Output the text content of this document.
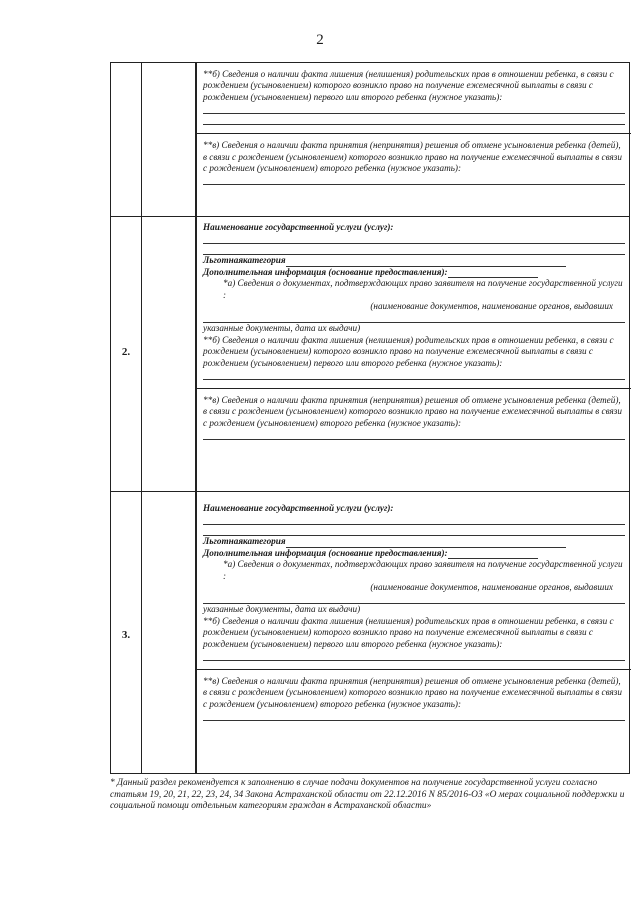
2
**б) Сведения о наличии факта лишения (нелишения) родительских прав в отношении ребенка, в связи с рождением (усыновлением) которого возникло право на получение ежемесячной выплаты в связи с рождением (усыновлением) первого или второго ребенка (нужное указать):
**в) Сведения о наличии факта принятия (непринятия) решения об отмене усыновления ребенка (детей), в связи с рождением (усыновлением) которого возникло право на получение ежемесячной выплаты в связи с рождением (усыновлением) второго ребенка (нужное указать):
2.
Наименование государственной услуги (услуг):
Льготнаякатегория
Дополнительная информация (основание предоставления):
*а) Сведения о документах, подтверждающих право заявителя на получение государственной услуги :
(наименование документов, наименование органов, выдавших
указанные документы, дата их выдачи)
**б) Сведения о наличии факта лишения (нелишения) родительских прав в отношении ребенка, в связи с рождением (усыновлением) которого возникло право на получение ежемесячной выплаты в связи с рождением (усыновлением) первого или второго ребенка (нужное указать):
**в) Сведения о наличии факта принятия (непринятия) решения об отмене усыновления ребенка (детей), в связи с рождением (усыновлением) которого возникло право на получение ежемесячной выплаты в связи с рождением (усыновлением) второго ребенка (нужное указать):
3.
Наименование государственной услуги (услуг):
Льготнаякатегория
Дополнительная информация (основание предоставления):
*а) Сведения о документах, подтверждающих право заявителя на получение государственной услуги :
(наименование документов, наименование органов, выдавших
указанные документы, дата их выдачи)
**б) Сведения о наличии факта лишения (нелишения) родительских прав в отношении ребенка, в связи с рождением (усыновлением) которого возникло право на получение ежемесячной выплаты в связи с рождением (усыновлением) первого или второго ребенка (нужное указать):
**в) Сведения о наличии факта принятия (непринятия) решения об отмене усыновления ребенка (детей), в связи с рождением (усыновлением) которого возникло право на получение ежемесячной выплаты в связи с рождением (усыновлением) второго ребенка (нужное указать):
* Данный раздел рекомендуется к заполнению в случае подачи документов на получение государственной услуги согласно статьям 19, 20, 21, 22, 23, 24, 34 Закона Астраханской области от 22.12.2016 N 85/2016-ОЗ «О мерах социальной поддержки и социальной помощи отдельным категориям граждан в Астраханской области»
